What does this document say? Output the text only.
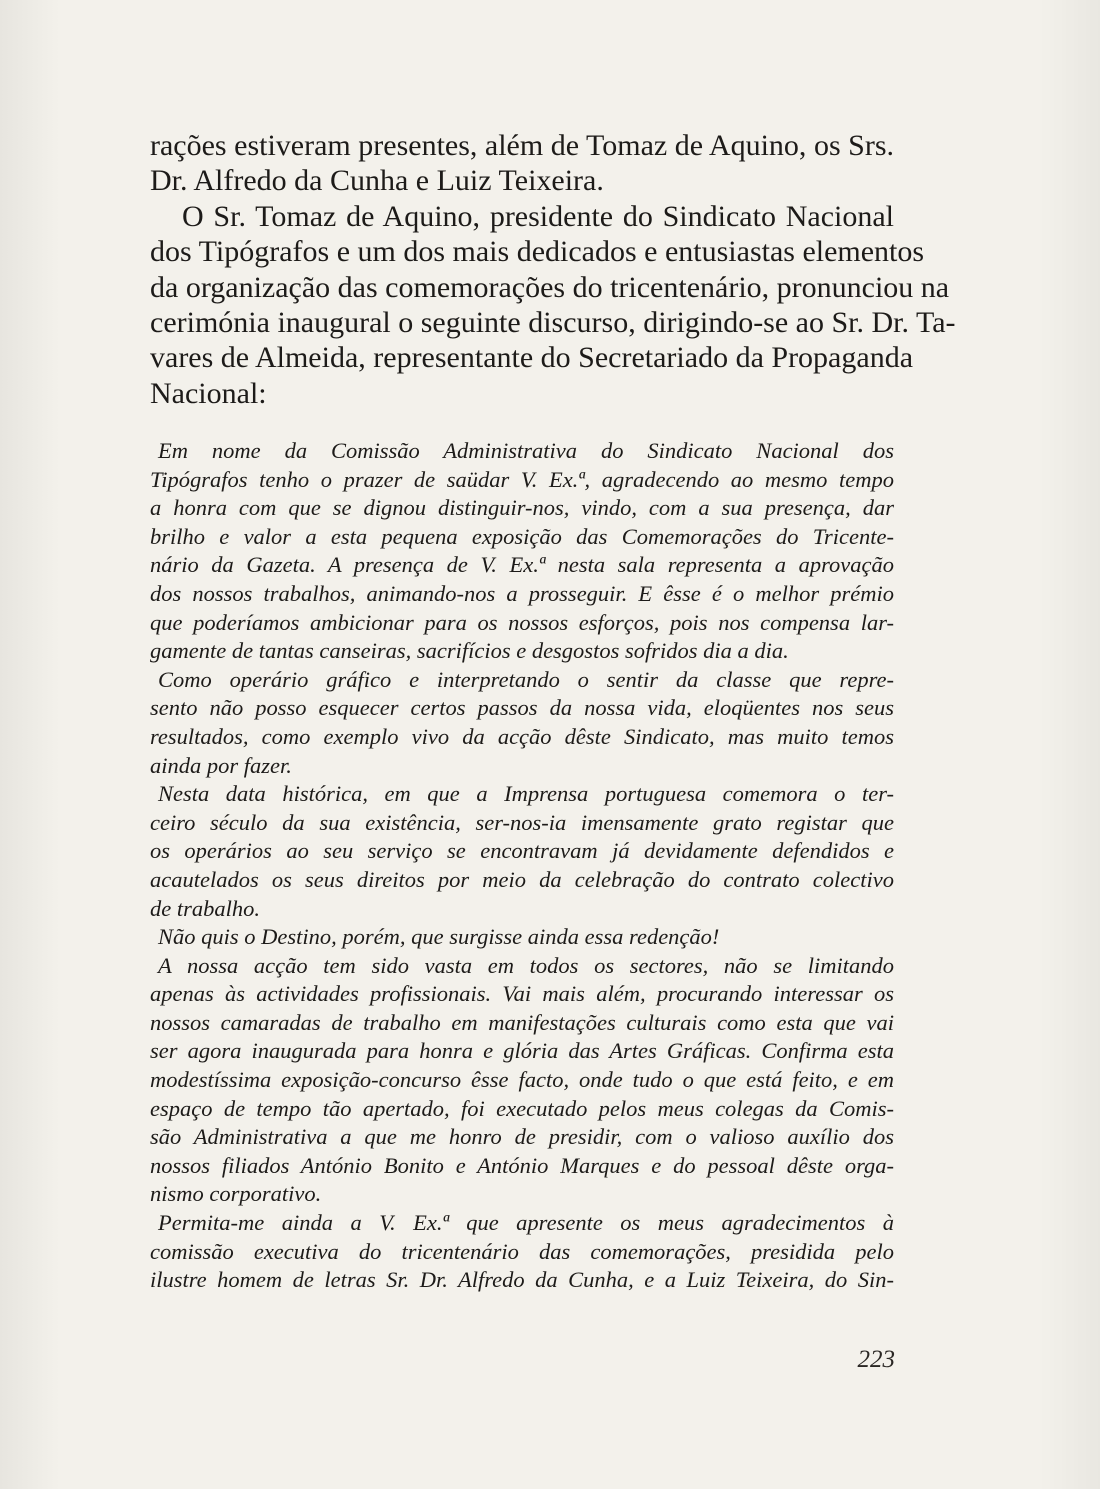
rações estiveram presentes, além de Tomaz de Aquino, os Srs.
Dr. Alfredo da Cunha e Luiz Teixeira.

O Sr. Tomaz de Aquino, presidente do Sindicato Nacional
dos Tipógrafos e um dos mais dedicados e entusiastas elementos
da organização das comemorações do tricentenário, pronunciou na
cerimónia inaugural o seguinte discurso, dirigindo-se ao Sr. Dr. Ta-
vares de Almeida, representante do Secretariado da Propaganda
Nacional:

Em nome da Comissão Administrativa do Sindicato Nacional dos
Tipógrafos tenho o prazer de saüdar V. Ex.ª, agradecendo ao mesmo tempo
a honra com que se dignou distinguir-nos, vindo, com a sua presença, dar
brilho e valor a esta pequena exposição das Comemorações do Tricente-
nário da Gazeta. A presença de V. Ex.ª nesta sala representa a aprovação
dos nossos trabalhos, animando-nos a prosseguir. E êsse é o melhor prémio
que poderíamos ambicionar para os nossos esforços, pois nos compensa lar-
gamente de tantas canseiras, sacrifícios e desgostos sofridos dia a dia.
Como operário gráfico e interpretando o sentir da classe que repre-
sento não posso esquecer certos passos da nossa vida, eloqüentes nos seus
resultados, como exemplo vivo da acção dêste Sindicato, mas muito temos
ainda por fazer.
Nesta data histórica, em que a Imprensa portuguesa comemora o ter-
ceiro século da sua existência, ser-nos-ia imensamente grato registar que
os operários ao seu serviço se encontravam já devidamente defendidos e
acautelados os seus direitos por meio da celebração do contrato colectivo
de trabalho.
Não quis o Destino, porém, que surgisse ainda essa redenção!
A nossa acção tem sido vasta em todos os sectores, não se limitando
apenas às actividades profissionais. Vai mais além, procurando interessar os
nossos camaradas de trabalho em manifestações culturais como esta que vai
ser agora inaugurada para honra e glória das Artes Gráficas. Confirma esta
modestíssima exposição-concurso êsse facto, onde tudo o que está feito, e em
espaço de tempo tão apertado, foi executado pelos meus colegas da Comis-
são Administrativa a que me honro de presidir, com o valioso auxílio dos
nossos filiados António Bonito e António Marques e do pessoal dêste orga-
nismo corporativo.
Permita-me ainda a V. Ex.ª que apresente os meus agradecimentos à
comissão executiva do tricentenário das comemorações, presidida pelo
ilustre homem de letras Sr. Dr. Alfredo da Cunha, e a Luiz Teixeira, do Sin-
223
